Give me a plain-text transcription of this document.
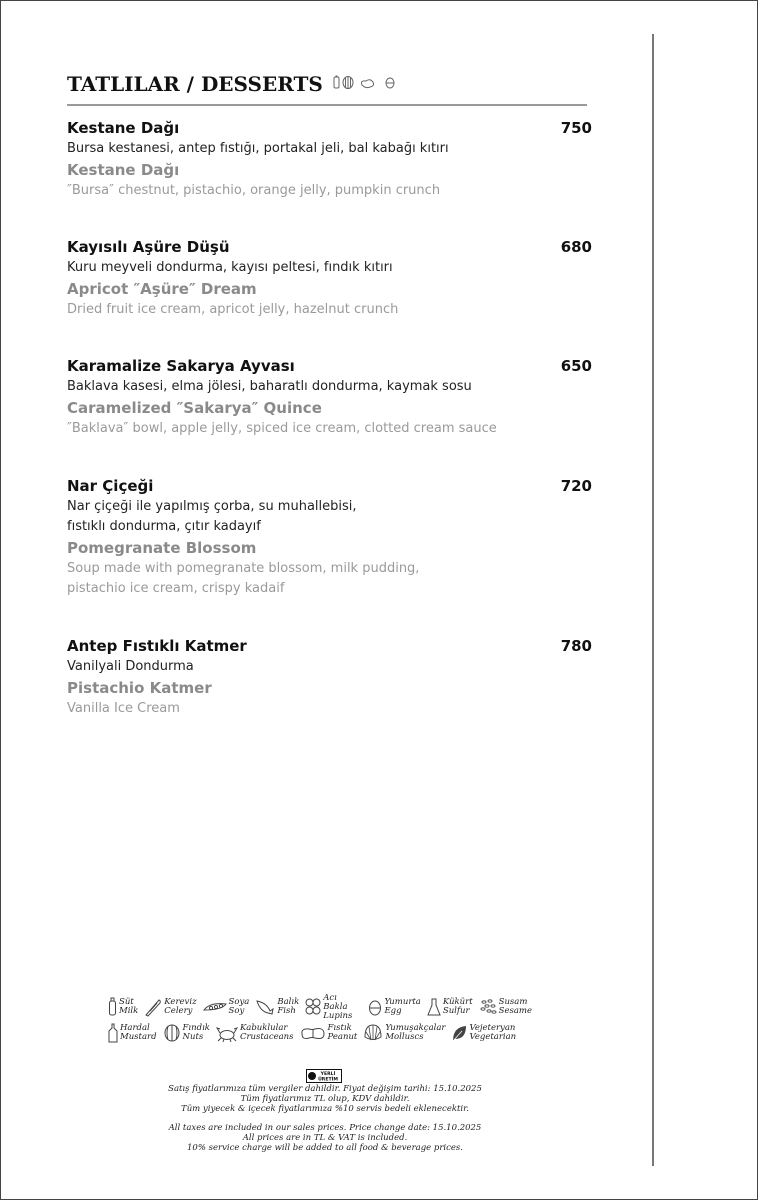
TATLILAR / DESSERTS
Kestane Dağı	750
Bursa kestanesi, antep fıstığı, portakal jeli, bal kabağı kıtırı
Kestane Dağı
″Bursa″ chestnut, pistachio, orange jelly, pumpkin crunch
Kayısılı Aşüre Düşü	680
Kuru meyveli dondurma, kayısı peltesi, fındık kıtırı
Apricot ″Aşüre″ Dream
Dried fruit ice cream, apricot jelly, hazelnut crunch
Karamalize Sakarya Ayvası	650
Baklava kasesi, elma jölesi, baharatlı dondurma, kaymak sosu
Caramelized ″Sakarya″ Quince
″Baklava″ bowl, apple jelly, spiced ice cream, clotted cream sauce
Nar Çiçeği	720
Nar çiçeği ile yapılmış çorba, su muhallebisi,
fıstıklı dondurma, çıtır kadayıf
Pomegranate Blossom
Soup made with pomegranate blossom, milk pudding,
pistachio ice cream, crispy kadaif
Antep Fıstıklı Katmer	780
Vanilyali Dondurma
Pistachio Katmer
Vanilla Ice Cream
Süt
Milk
Kereviz
Celery
Soya
Soy
Balık
Fish
Acı Bakla
Lupins
Yumurta
Egg
Kükürt
Sulfur
Susam
Sesame
Hardal
Mustard
Fındık
Nuts
Kabuklular
Crustaceans
Fıstık
Peanut
Yumuşakçalar
Molluscs
Vejeteryan
Vegetarian
YERLİ
ÜRETİM
Satış fiyatlarımıza tüm vergiler dahildir. Fiyat değişim tarihi: 15.10.2025
Tüm fiyatlarımız TL olup, KDV dahildir.
Tüm yiyecek & içecek fiyatlarımıza %10 servis bedeli eklenecektir.
All taxes are included in our sales prices. Price change date: 15.10.2025
All prices are in TL & VAT is included.
10% service charge will be added to all food & beverage prices.
